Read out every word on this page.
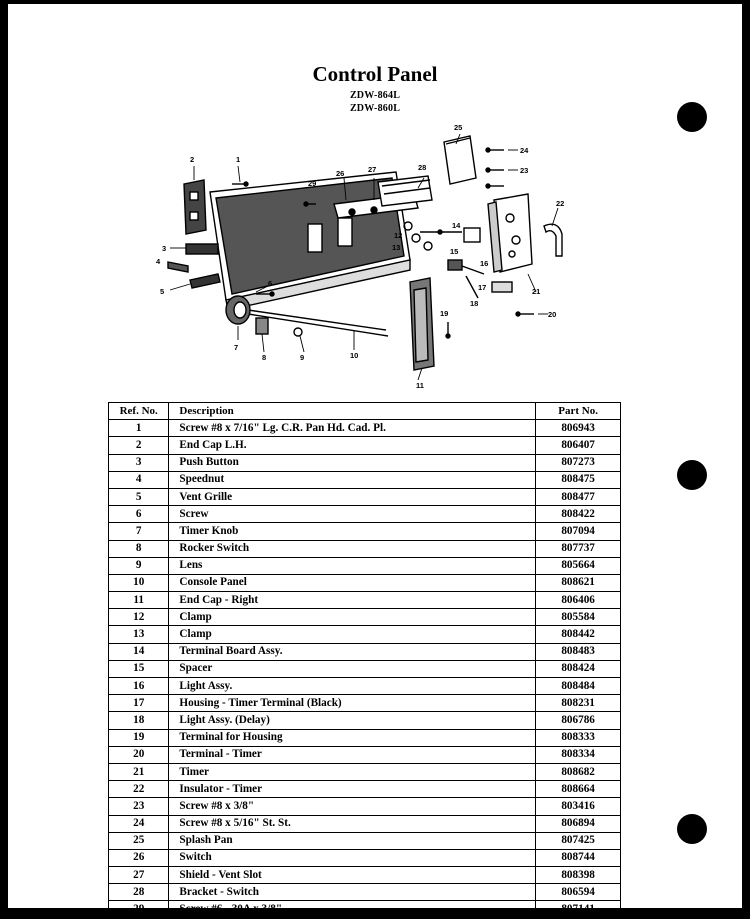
Control Panel
ZDW-864L
ZDW-860L
1
2
3
4
5
6
7
8	9	10
11
12
13
14
15
16
17
18
19	20
21
22
23
24
25
26	27	28
29
Ref. No.	Description	Part No.
1	Screw #8 x 7/16" Lg. C.R. Pan Hd. Cad. Pl.	806943
2	End Cap L.H.	806407
3	Push Button	807273
4	Speednut	808475
5	Vent Grille	808477
6	Screw	808422
7	Timer Knob	807094
8	Rocker Switch	807737
9	Lens	805664
10	Console Panel	808621
11	End Cap - Right	806406
12	Clamp	805584
13	Clamp	808442
14	Terminal Board Assy.	808483
15	Spacer	808424
16	Light Assy.	808484
17	Housing - Timer Terminal (Black)	808231
18	Light Assy. (Delay)	806786
19	Terminal for Housing	808333
20	Terminal - Timer	808334
21	Timer	808682
22	Insulator - Timer	808664
23	Screw #8 x 3/8"	803416
24	Screw #8 x 5/16" St. St.	806894
25	Splash Pan	807425
26	Switch	808744
27	Shield - Vent Slot	808398
28	Bracket - Switch	806594
29	Screw #6 - 30A x 3/8"	807141
